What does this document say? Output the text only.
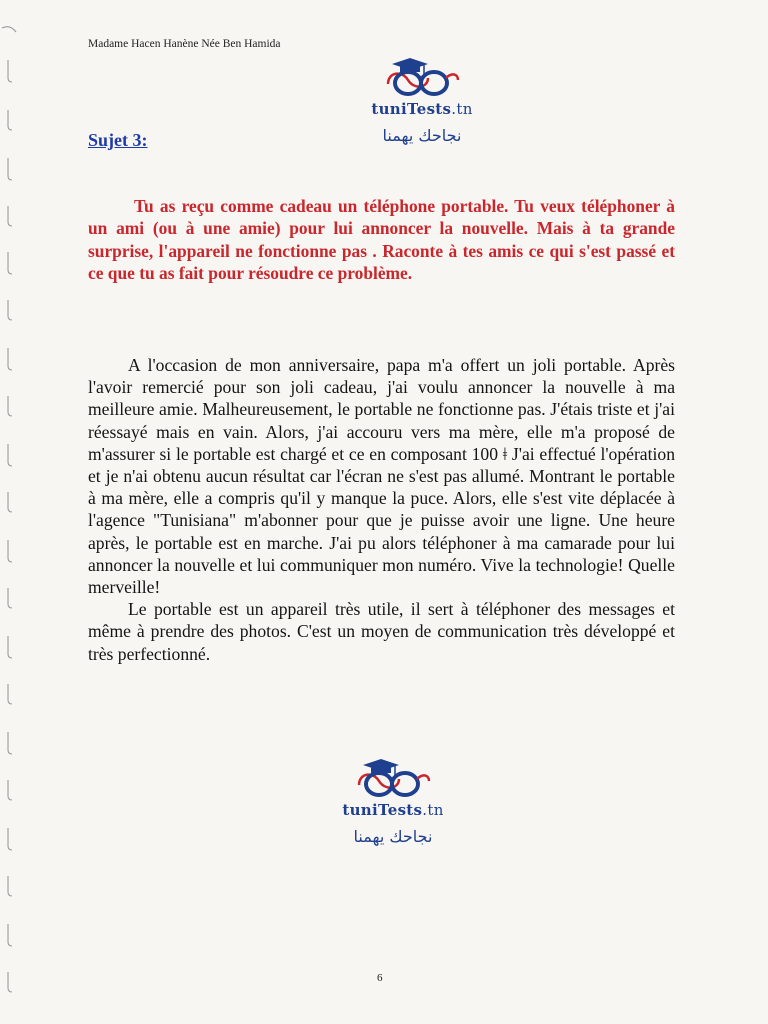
Madame Hacen Hanène Née Ben Hamida
tuniTests.tn
نجاحك يهمنا
Sujet 3:
Tu as reçu comme cadeau un téléphone portable. Tu veux téléphoner à un ami (ou à une amie) pour lui annoncer la nouvelle. Mais à ta grande surprise, l'appareil ne fonctionne pas . Raconte à tes amis ce qui s'est passé et ce que tu as fait pour résoudre ce problème.

A l'occasion de mon anniversaire, papa m'a offert un joli portable. Après l'avoir remercié pour son joli cadeau, j'ai voulu annoncer la nouvelle à ma meilleure amie. Malheureusement, le portable ne fonctionne pas. J'étais triste et j'ai réessayé mais en vain. Alors, j'ai accouru vers ma mère, elle m'a proposé de m'assurer si le portable est chargé et ce en composant 100 ǂ J'ai effectué l'opération et je n'ai obtenu aucun résultat car l'écran ne s'est pas allumé. Montrant le portable à ma mère, elle a compris qu'il y manque la puce. Alors, elle s'est vite déplacée à l'agence "Tunisiana" m'abonner pour que je puisse avoir une ligne. Une heure après, le portable est en marche. J'ai pu alors téléphoner à ma camarade pour lui annoncer la nouvelle et lui communiquer mon numéro. Vive la technologie! Quelle merveille!

Le portable est un appareil très utile, il sert à téléphoner des messages et même à prendre des photos. C'est un moyen de communication très développé et très perfectionné.

tuniTests.tn
نجاحك يهمنا
6
